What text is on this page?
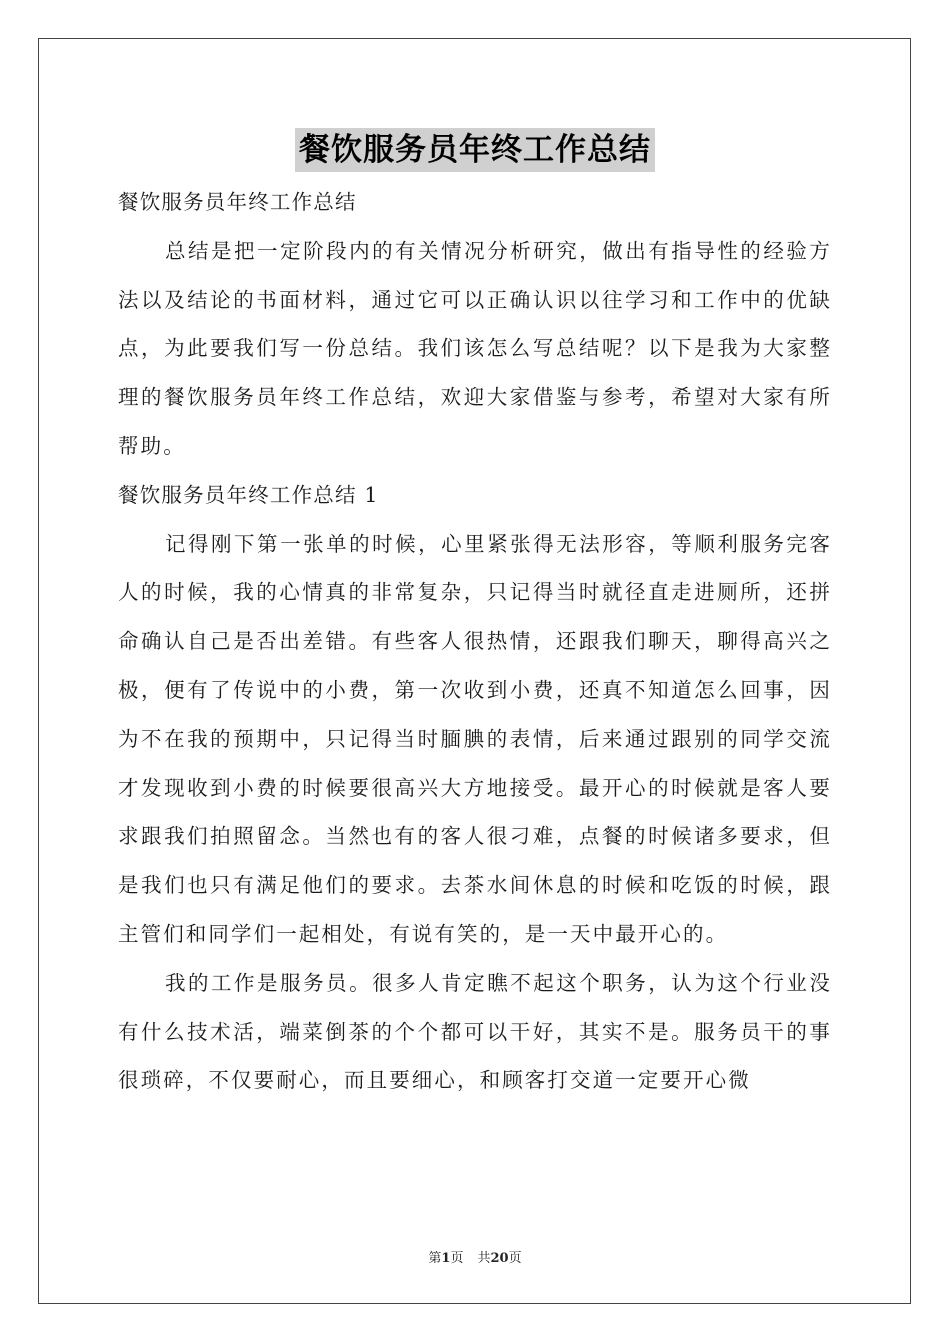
餐饮服务员年终工作总结

餐饮服务员年终工作总结

总结是把一定阶段内的有关情况分析研究，做出有指导性的经验方法以及结论的书面材料，通过它可以正确认识以往学习和工作中的优缺点，为此要我们写一份总结。我们该怎么写总结呢？以下是我为大家整理的餐饮服务员年终工作总结，欢迎大家借鉴与参考，希望对大家有所帮助。

餐饮服务员年终工作总结 1

记得刚下第一张单的时候，心里紧张得无法形容，等顺利服务完客人的时候，我的心情真的非常复杂，只记得当时就径直走进厕所，还拼命确认自己是否出差错。有些客人很热情，还跟我们聊天，聊得高兴之极，便有了传说中的小费，第一次收到小费，还真不知道怎么回事，因为不在我的预期中，只记得当时腼腆的表情，后来通过跟别的同学交流才发现收到小费的时候要很高兴大方地接受。最开心的时候就是客人要求跟我们拍照留念。当然也有的客人很刁难，点餐的时候诸多要求，但是我们也只有满足他们的要求。去茶水间休息的时候和吃饭的时候，跟主管们和同学们一起相处，有说有笑的，是一天中最开心的。

我的工作是服务员。很多人肯定瞧不起这个职务，认为这个行业没有什么技术活，端菜倒茶的个个都可以干好，其实不是。服务员干的事很琐碎，不仅要耐心，而且要细心，和顾客打交道一定要开心微

第1页 共20页
